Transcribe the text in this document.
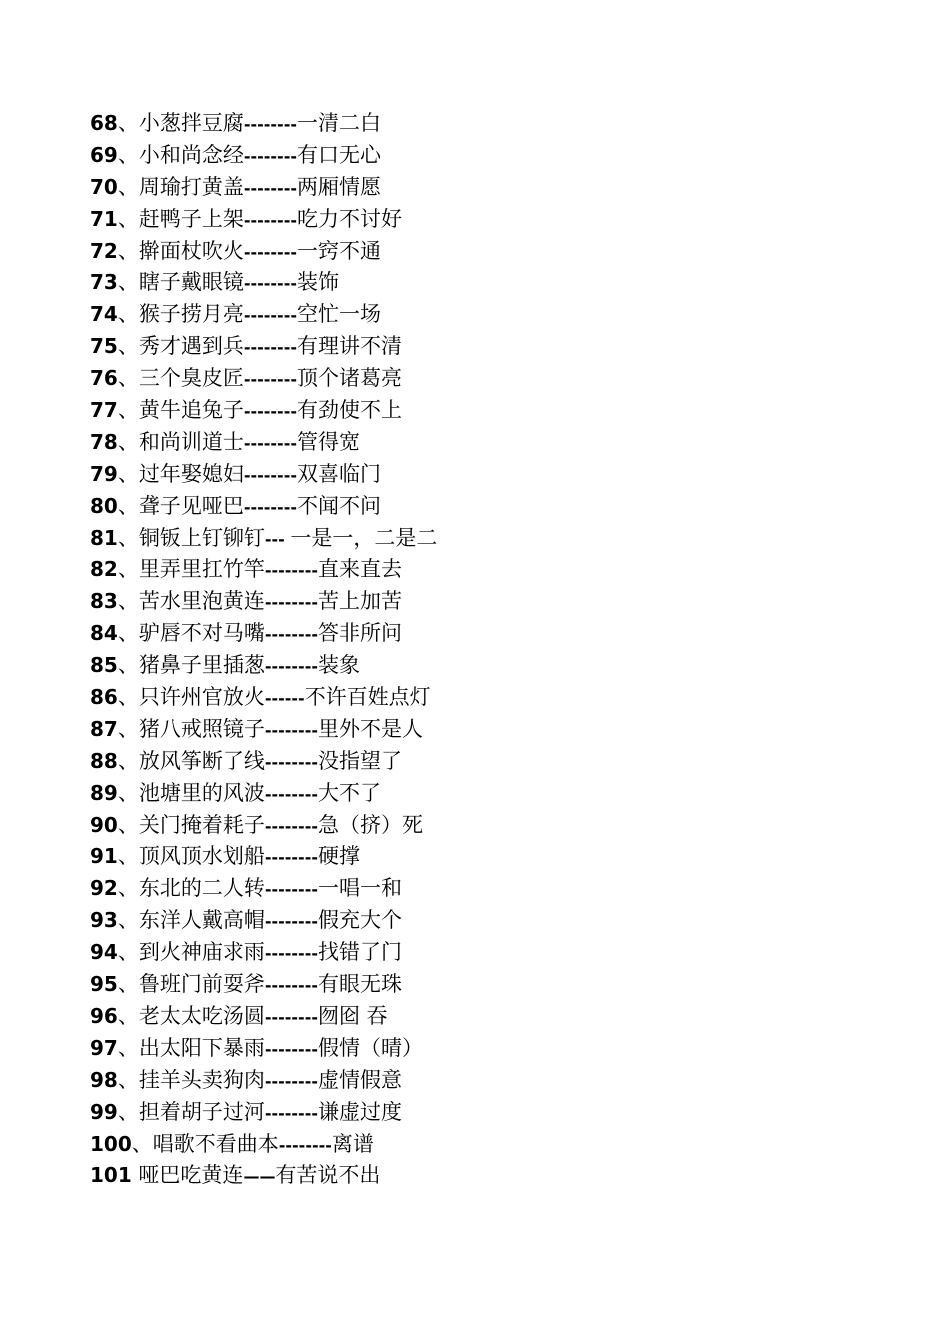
68、小葱拌豆腐--------一清二白
69、小和尚念经--------有口无心
70、周瑜打黄盖--------两厢情愿
71、赶鸭子上架--------吃力不讨好
72、擀面杖吹火--------一窍不通
73、瞎子戴眼镜--------装饰
74、猴子捞月亮--------空忙一场
75、秀才遇到兵--------有理讲不清
76、三个臭皮匠--------顶个诸葛亮
77、黄牛追兔子--------有劲使不上
78、和尚训道士--------管得宽
79、过年娶媳妇--------双喜临门
80、聋子见哑巴--------不闻不问
81、铜钣上钉铆钉--- 一是一，二是二
82、里弄里扛竹竿--------直来直去
83、苦水里泡黄连--------苦上加苦
84、驴唇不对马嘴--------答非所问
85、猪鼻子里插葱--------装象
86、只许州官放火------不许百姓点灯
87、猪八戒照镜子--------里外不是人
88、放风筝断了线--------没指望了
89、池塘里的风波--------大不了
90、关门掩着耗子--------急（挤）死
91、顶风顶水划船--------硬撑
92、东北的二人转--------一唱一和
93、东洋人戴高帽--------假充大个
94、到火神庙求雨--------找错了门
95、鲁班门前耍斧--------有眼无珠
96、老太太吃汤圆--------囫囵 吞
97、出太阳下暴雨--------假情（晴）
98、挂羊头卖狗肉--------虚情假意
99、担着胡子过河--------谦虚过度
100、唱歌不看曲本--------离谱
101 哑巴吃黄连——有苦说不出
